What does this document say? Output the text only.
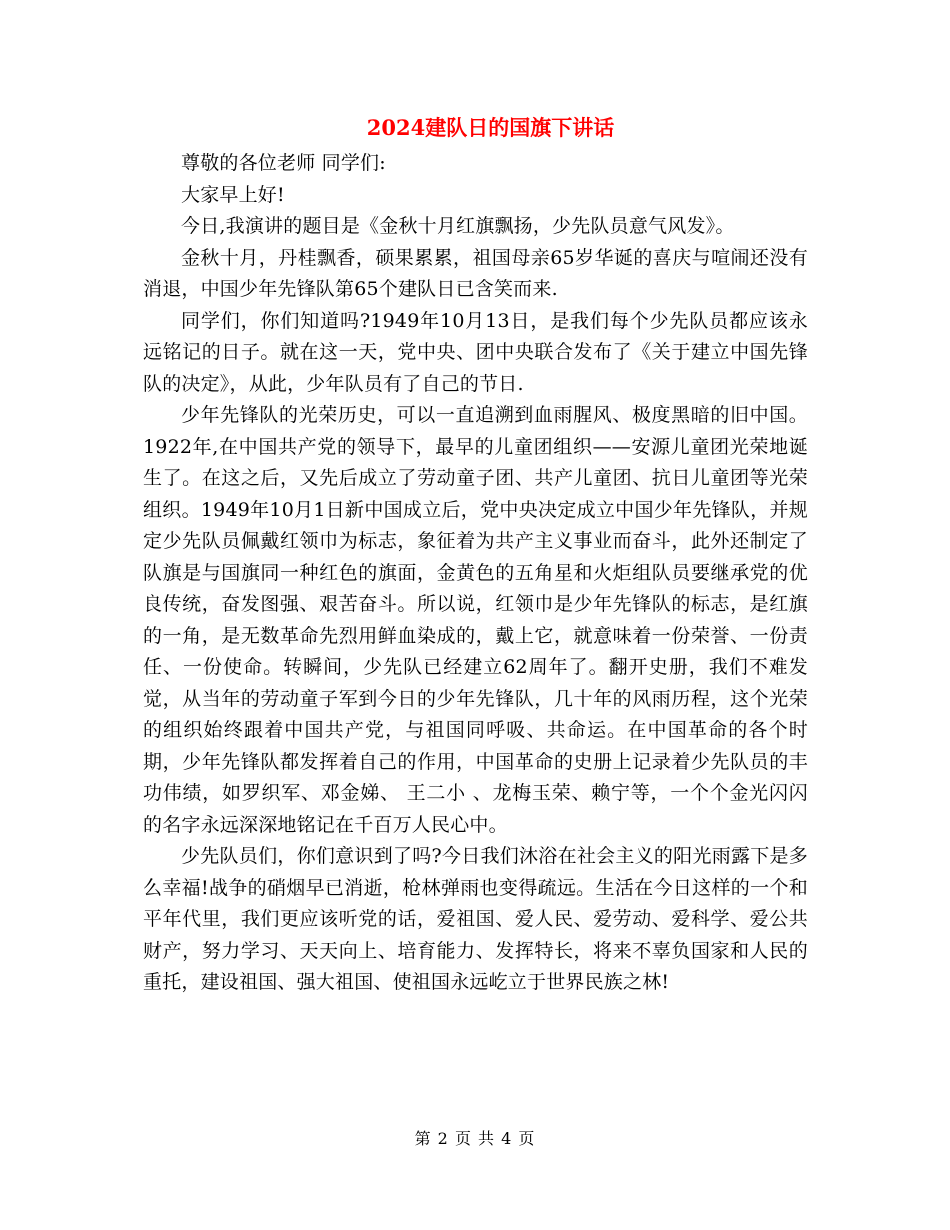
2024建队日的国旗下讲话

尊敬的各位老师 同学们:

大家早上好!

今日,我演讲的题目是《金秋十月红旗飘扬，少先队员意气风发》。

金秋十月，丹桂飘香，硕果累累，祖国母亲65岁华诞的喜庆与喧闹还没有消退，中国少年先锋队第65个建队日已含笑而来.

同学们，你们知道吗?1949年10月13日，是我们每个少先队员都应该永远铭记的日子。就在这一天，党中央、团中央联合发布了《关于建立中国先锋队的决定》，从此，少年队员有了自己的节日.

少年先锋队的光荣历史，可以一直追溯到血雨腥风、极度黑暗的旧中国。1922年,在中国共产党的领导下，最早的儿童团组织——安源儿童团光荣地诞生了。在这之后，又先后成立了劳动童子团、共产儿童团、抗日儿童团等光荣组织。1949年10月1日新中国成立后，党中央决定成立中国少年先锋队，并规定少先队员佩戴红领巾为标志，象征着为共产主义事业而奋斗，此外还制定了队旗是与国旗同一种红色的旗面，金黄色的五角星和火炬组队员要继承党的优良传统，奋发图强、艰苦奋斗。所以说，红领巾是少年先锋队的标志，是红旗的一角，是无数革命先烈用鲜血染成的，戴上它，就意味着一份荣誉、一份责任、一份使命。转瞬间，少先队已经建立62周年了。翻开史册，我们不难发觉，从当年的劳动童子军到今日的少年先锋队，几十年的风雨历程，这个光荣的组织始终跟着中国共产党，与祖国同呼吸、共命运。在中国革命的各个时期，少年先锋队都发挥着自己的作用，中国革命的史册上记录着少先队员的丰功伟绩，如罗织军、邓金娣、 王二小 、龙梅玉荣、赖宁等，一个个金光闪闪的名字永远深深地铭记在千百万人民心中。

少先队员们，你们意识到了吗?今日我们沐浴在社会主义的阳光雨露下是多么幸福!战争的硝烟早已消逝，枪林弹雨也变得疏远。生活在今日这样的一个和平年代里，我们更应该听党的话，爱祖国、爱人民、爱劳动、爱科学、爱公共财产，努力学习、天天向上、培育能力、发挥特长，将来不辜负国家和人民的重托，建设祖国、强大祖国、使祖国永远屹立于世界民族之林!

第 2 页 共 4 页
